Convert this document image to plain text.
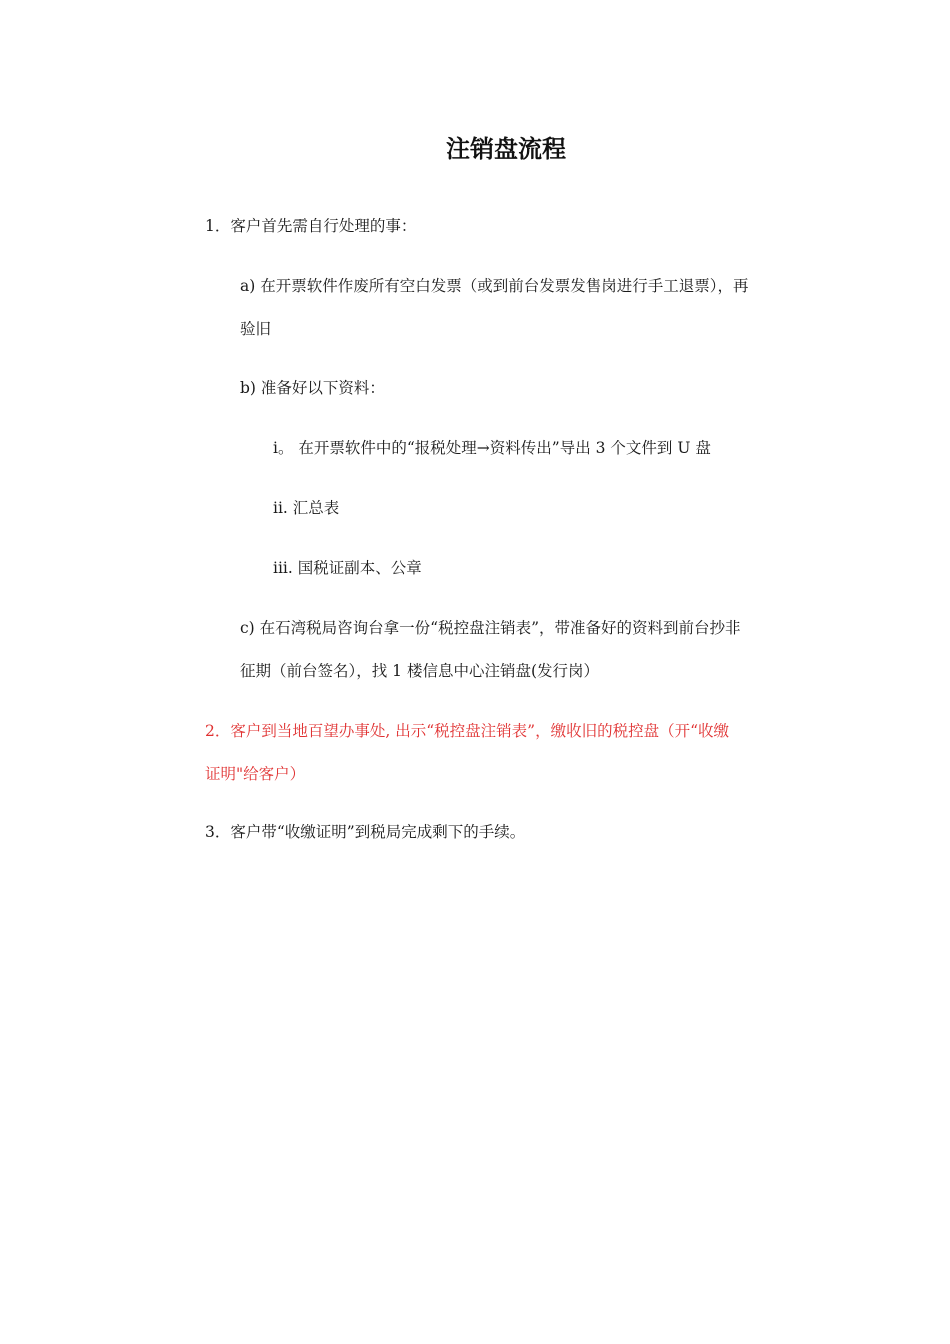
注销盘流程
1．客户首先需自行处理的事：
a) 在开票软件作废所有空白发票（或到前台发票发售岗进行手工退票），再
验旧
b) 准备好以下资料：
i。 在开票软件中的“报税处理→资料传出”导出 3 个文件到 U 盘
ii. 汇总表
iii. 国税证副本、公章
c) 在石湾税局咨询台拿一份“税控盘注销表”，带准备好的资料到前台抄非
征期（前台签名），找 1 楼信息中心注销盘(发行岗）
2．客户到当地百望办事处, 出示“税控盘注销表”，缴收旧的税控盘（开“收缴
证明"给客户）
3．客户带“收缴证明”到税局完成剩下的手续。
